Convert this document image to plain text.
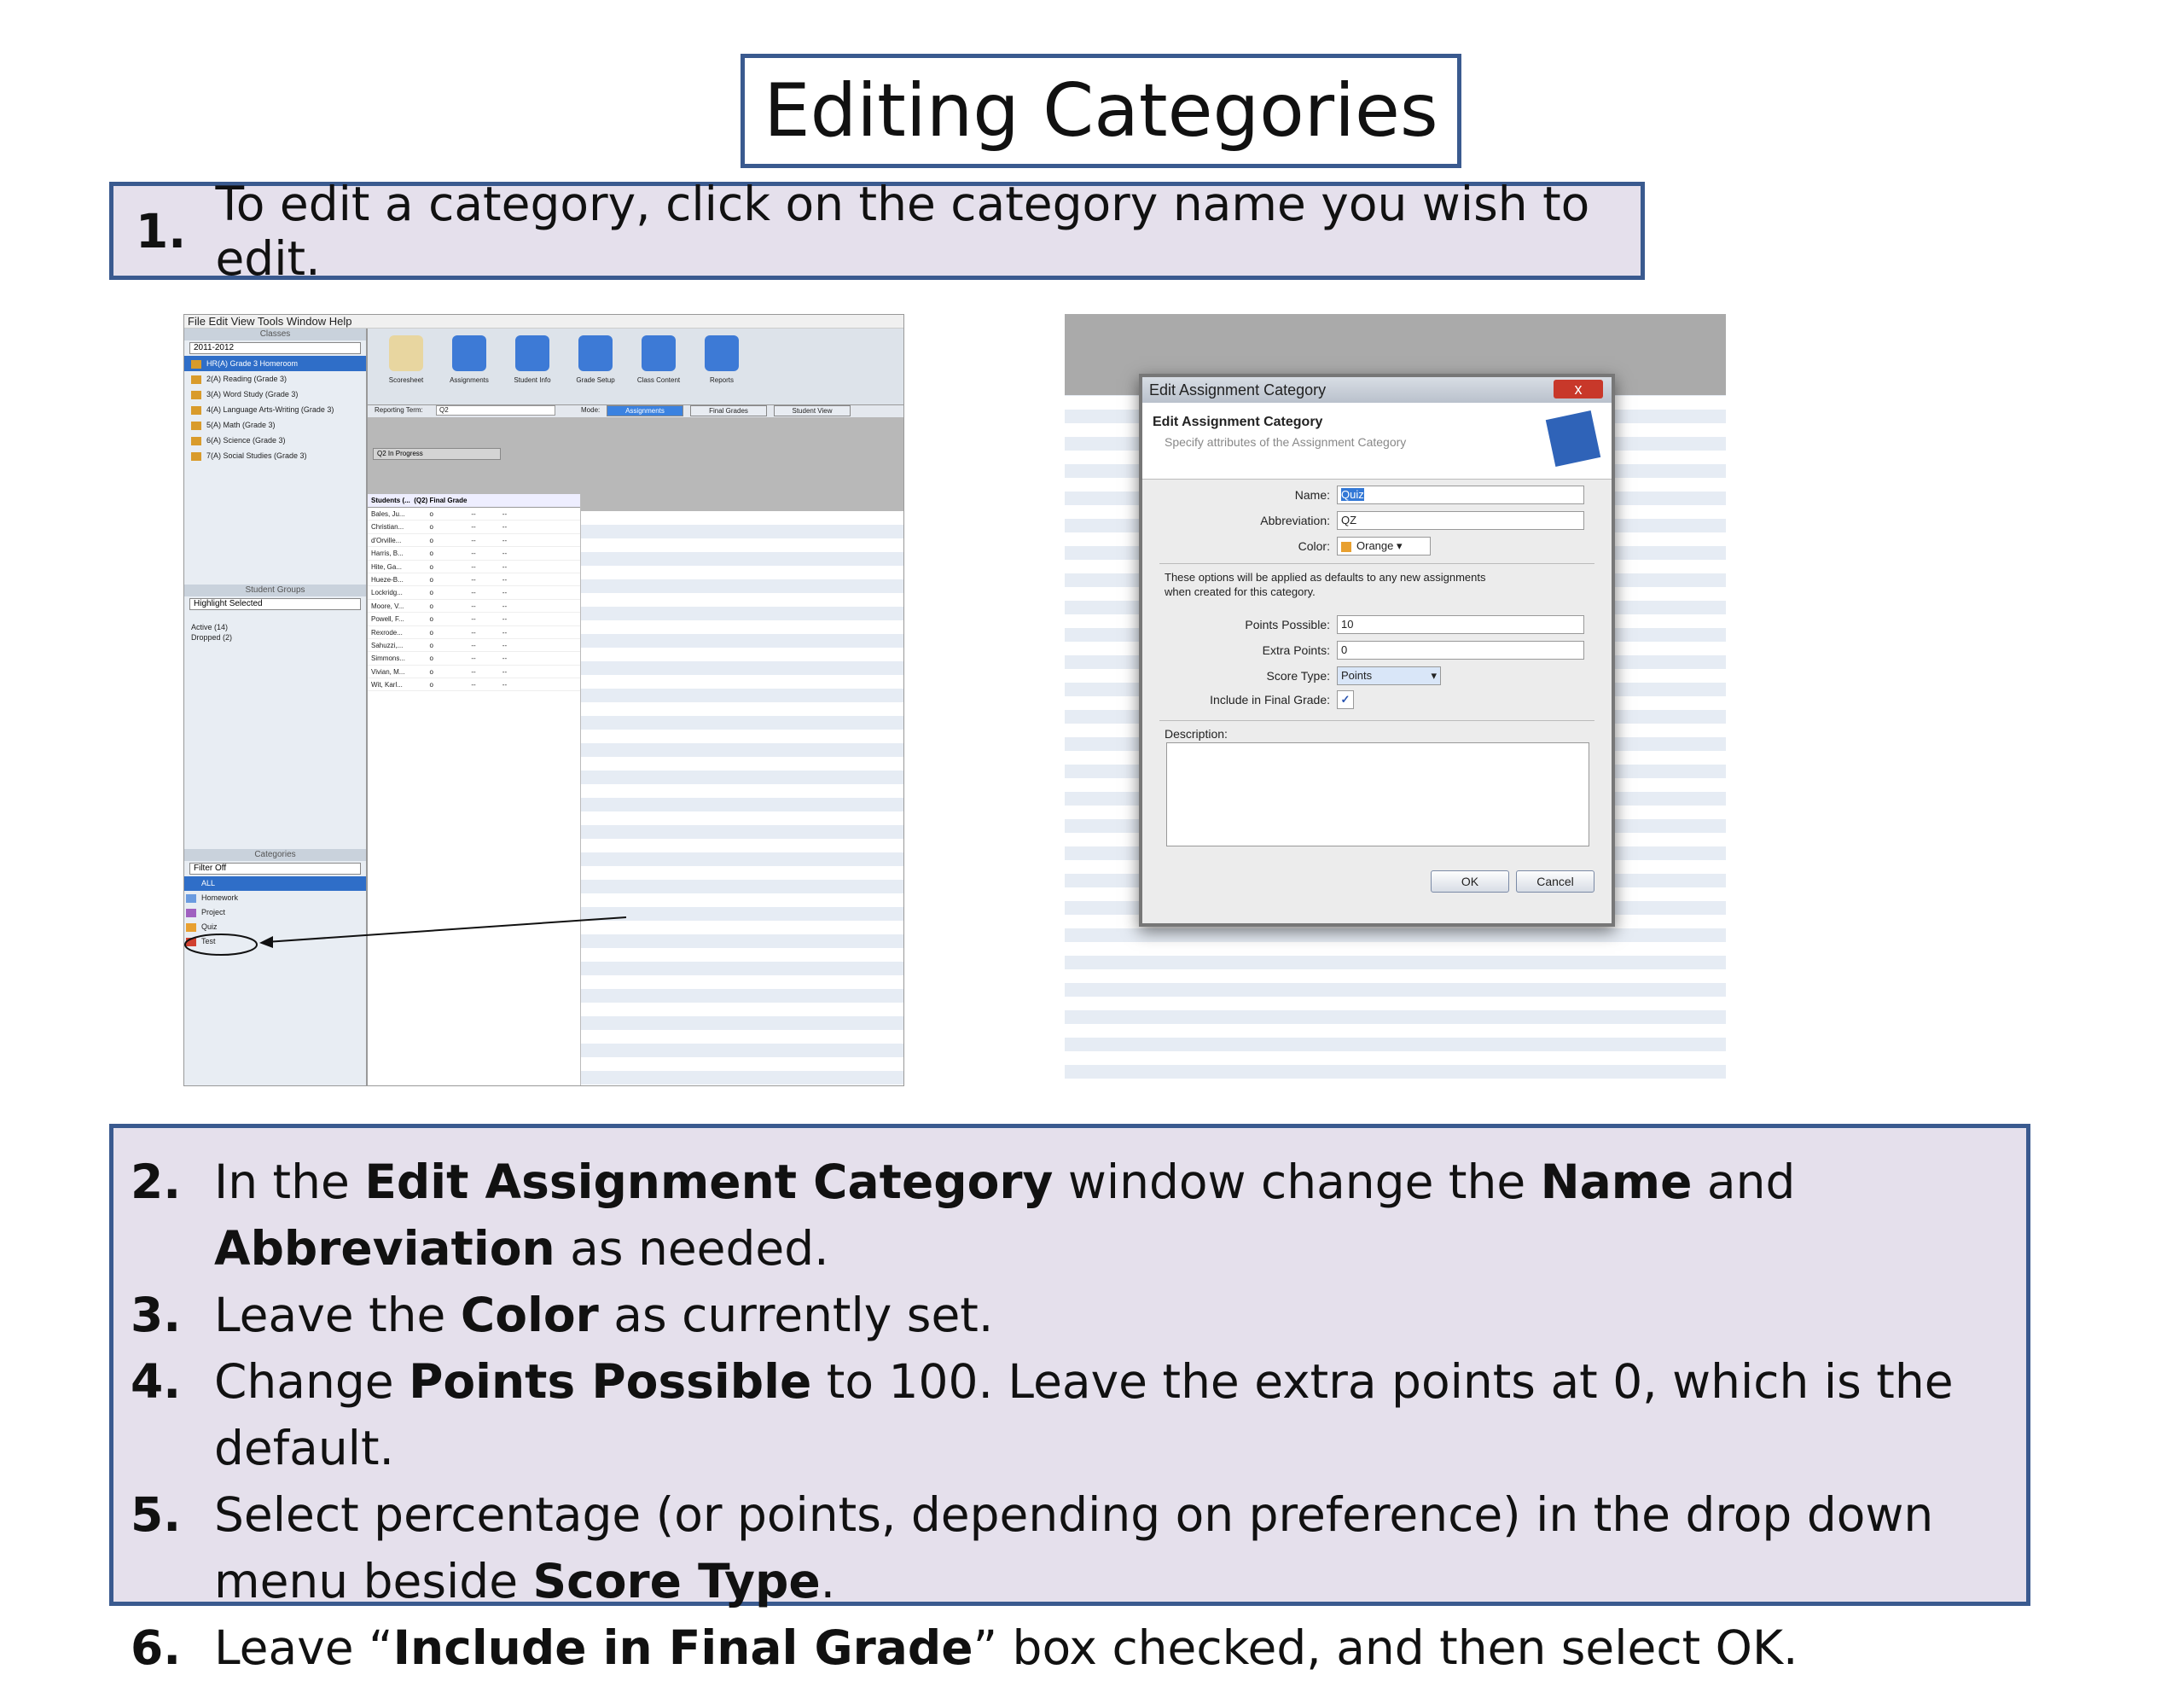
Editing Categories
1. To edit a category, click on the category name you wish to edit.
File Edit View Tools Window Help
Classes
2011-2012
HR(A) Grade 3 Homeroom
2(A) Reading (Grade 3)
3(A) Word Study (Grade 3)
4(A) Language Arts-Writing (Grade 3)
5(A) Math (Grade 3)
6(A) Science (Grade 3)
7(A) Social Studies (Grade 3)
Student Groups
Highlight Selected
Active (14)
Dropped (2)
Categories
Filter Off
ALL
Homework
Project
Quiz
Test
Scoresheet	Assignments	Student Info	Grade Setup	Class Content	Reports
Reporting Term:	Q2	Mode:	Assignments	Final Grades	Student View
Q2 In Progress
Students (... (Q2) Final Grade
Bales, Ju...	o                    --              --
Christian...	o                    --              --
d'Orville...	o                    --              --
Harris, B...	o                    --              --
Hite, Ga...	o                    --              --
Hueze-B...	o                    --              --
Lockridg...	o                    --              --
Moore, V...	o                    --              --
Powell, F...	o                    --              --
Rexrode...	o                    --              --
Sahuzzi,...	o                    --              --
Simmons...	o                    --              --
Vivian, M...	o                    --              --
Wit, Karl...	o                    --              --
Edit Assignment Category	x
Edit Assignment Category
Specify attributes of the Assignment Category
Name:	Quiz
Abbreviation:	QZ
Color:	Orange ▾
These options will be applied as defaults to any new assignments when created for this category.
Points Possible:	10
Extra Points:	0
Score Type:	Points	▾
Include in Final Grade: ✓
Description:
OK	Cancel
2. In the Edit Assignment Category window change the Name and Abbreviation as needed.
3. Leave the Color as currently set.
4. Change Points Possible to 100. Leave the extra points at 0, which is the default.
5. Select percentage (or points, depending on preference) in the drop down menu beside Score Type.
6. Leave “Include in Final Grade” box checked, and then select OK.
